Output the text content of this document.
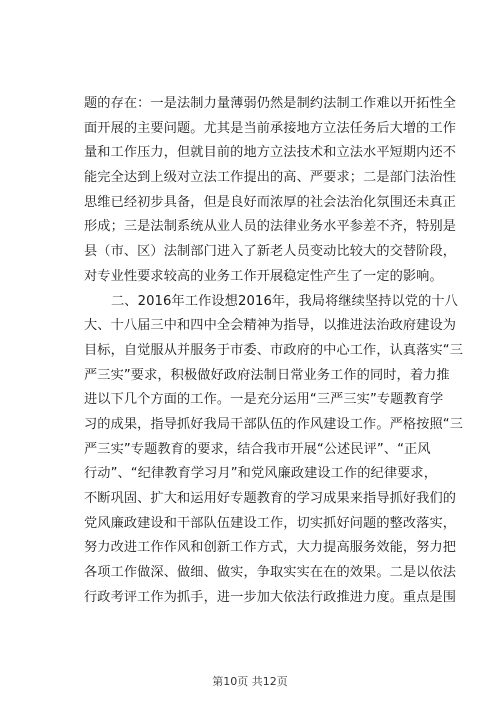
题的存在：一是法制力量薄弱仍然是制约法制工作难以开拓性全
面开展的主要问题。尤其是当前承接地方立法任务后大增的工作
量和工作压力，但就目前的地方立法技术和立法水平短期内还不
能完全达到上级对立法工作提出的高、严要求；二是部门法治性
思维已经初步具备，但是良好而浓厚的社会法治化氛围还未真正
形成；三是法制系统从业人员的法律业务水平参差不齐，特别是
县（市、区）法制部门进入了新老人员变动比较大的交替阶段，
对专业性要求较高的业务工作开展稳定性产生了一定的影响。
二、2016年工作设想2016年，我局将继续坚持以党的十八
大、十八届三中和四中全会精神为指导，以推进法治政府建设为
目标，自觉服从并服务于市委、市政府的中心工作，认真落实“三
严三实”要求，积极做好政府法制日常业务工作的同时，着力推
进以下几个方面的工作。一是充分运用“三严三实”专题教育学
习的成果，指导抓好我局干部队伍的作风建设工作。严格按照“三
严三实”专题教育的要求，结合我市开展“公述民评”、“正风
行动”、“纪律教育学习月”和党风廉政建设工作的纪律要求，
不断巩固、扩大和运用好专题教育的学习成果来指导抓好我们的
党风廉政建设和干部队伍建设工作，切实抓好问题的整改落实，
努力改进工作作风和创新工作方式，大力提高服务效能，努力把
各项工作做深、做细、做实，争取实实在在的效果。二是以依法
行政考评工作为抓手，进一步加大依法行政推进力度。重点是围
第10页 共12页
